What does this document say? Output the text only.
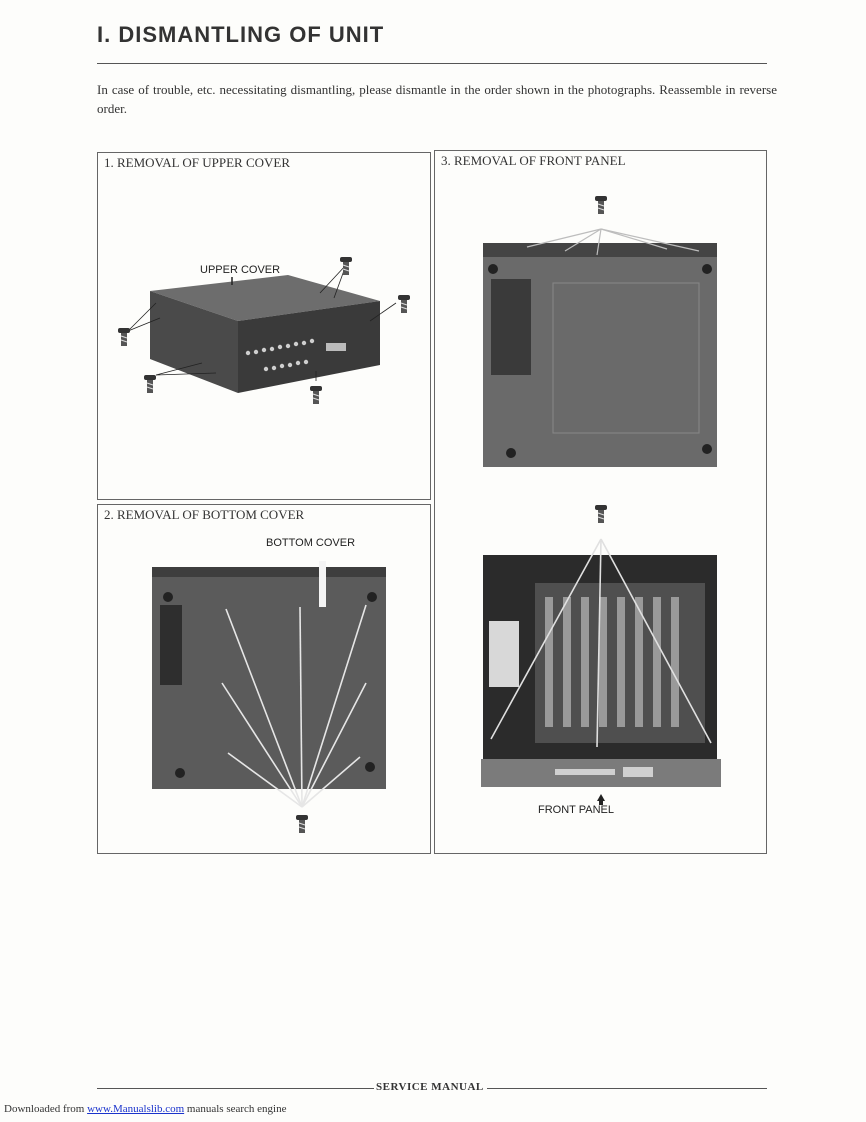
I. DISMANTLING OF UNIT
In case of trouble, etc. necessitating dismantling, please dismantle in the order shown in the photographs. Reassemble in reverse order.
1. REMOVAL OF UPPER COVER
UPPER COVER
2. REMOVAL OF BOTTOM COVER
BOTTOM COVER
3. REMOVAL OF FRONT PANEL
FRONT PANEL
SERVICE MANUAL
Downloaded from www.Manualslib.com manuals search engine
